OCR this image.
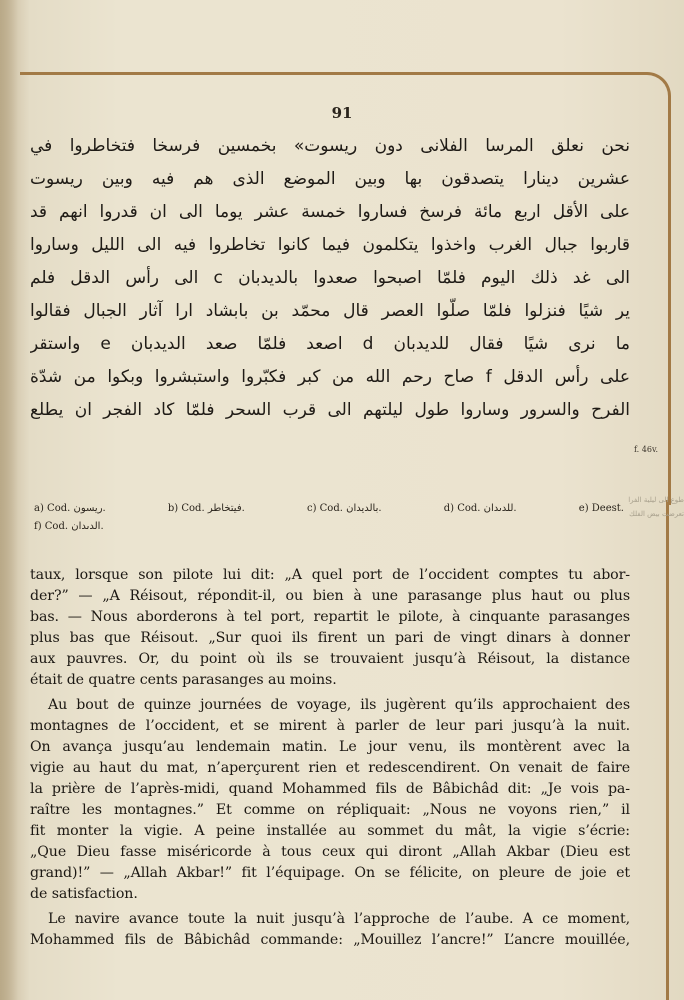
91
نحن نعلق المرسا الفلانى دون ريسوت» بخمسين فرسخا فتخاطروا في
عشرين دينارا يتصدقون بها وبين الموضع الذى هم فيه وبين ريسوت
على الأقل اربع مائة فرسخ فساروا خمسة عشر يوما الى ان قدروا انهم قد
قاربوا جبال الغرب واخذوا يتكلمون فيما كانوا تخاطروا فيه الى الليل وساروا
الى غد ذلك اليوم فلمّا اصبحوا صعدوا بالديدبان c الى رأس الدقل فلم
ير شيًا فنزلوا فلمّا صلّوا العصر قال محمّد بن بابشاد ارا آثار الجبال فقالوا
ما نرى شيًا فقال للديدبان d اصعد فلمّا صعد الديدبان e واستقر
على رأس الدقل f صاح رحم الله من كبر فكبّروا واستبشروا وبكوا من شدّة
الفرح والسرور وساروا طول ليلتهم الى قرب السحر فلمّا كاد الفجر ان يطلع
f. 46v.
طوع الى ليلية الفرا
تعرضت بيض الفلك
a) Cod. ريسون.	b) Cod. فيتخاطر.	c) Cod. بالديدان.	d) Cod. للدىدان.	e) Deest.
f) Cod. الدىدان.
taux, lorsque son pilote lui dit: „A quel port de l’occident comptes tu abor-
der?” — „A Réisout, répondit-il, ou bien à une parasange plus haut ou plus
bas. — Nous aborderons à tel port, repartit le pilote, à cinquante parasanges
plus bas que Réisout. „Sur quoi ils firent un pari de vingt dinars à donner
aux pauvres. Or, du point où ils se trouvaient jusqu’à Réisout, la distance
était de quatre cents parasanges au moins.
Au bout de quinze journées de voyage, ils jugèrent qu’ils approchaient des
montagnes de l’occident, et se mirent à parler de leur pari jusqu’à la nuit.
On avança jusqu’au lendemain matin. Le jour venu, ils montèrent avec la
vigie au haut du mat, n’aperçurent rien et redescendirent. On venait de faire
la prière de l’après-midi, quand Mohammed fils de Bâbichâd dit: „Je vois pa-
raître les montagnes.” Et comme on répliquait: „Nous ne voyons rien,” il
fit monter la vigie. A peine installée au sommet du mât, la vigie s’écrie:
„Que Dieu fasse miséricorde à tous ceux qui diront „Allah Akbar (Dieu est
grand)!” — „Allah Akbar!” fit l’équipage. On se félicite, on pleure de joie et
de satisfaction.
Le navire avance toute la nuit jusqu’à l’approche de l’aube. A ce moment,
Mohammed fils de Bâbichâd commande: „Mouillez l’ancre!” L’ancre mouillée,
